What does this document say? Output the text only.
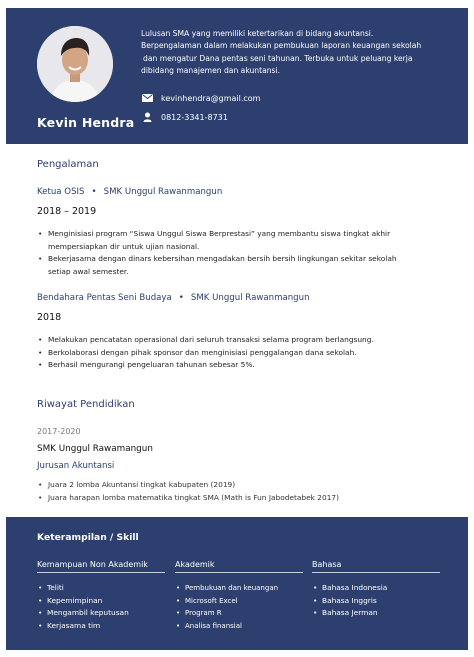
Kevin Hendra
Lulusan SMA yang memiliki ketertarikan di bidang akuntansi.
Berpengalaman dalam melakukan pembukuan laporan keuangan sekolah
dan mengatur Dana pentas seni tahunan. Terbuka untuk peluang kerja
dibidang manajemen dan akuntansi.
kevinhendra@gmail.com
0812-3341-8731
Pengalaman
Ketua OSIS • SMK Unggul Rawanmangun
2018 – 2019
• Menginisiasi program “Siswa Unggul Siswa Berprestasi” yang membantu siswa tingkat akhir
mempersiapkan dir untuk ujian nasional.
• Bekerjasama dengan dinars kebersihan mengadakan bersih bersih lingkungan sekitar sekolah
setiap awal semester.
Bendahara Pentas Seni Budaya • SMK Unggul Rawanmangun
2018
• Melakukan pencatatan operasional dari seluruh transaksi selama program berlangsung.
• Berkolaborasi dengan pihak sponsor dan menginisiasi penggalangan dana sekolah.
• Berhasil mengurangi pengeluaran tahunan sebesar 5%.
Riwayat Pendidikan
2017-2020
SMK Unggul Rawamangun
Jurusan Akuntansi
• Juara 2 lomba Akuntansi tingkat kabupaten (2019)
• Juara harapan lomba matematika tingkat SMA (Math is Fun Jabodetabek 2017)
Keterampilan / Skill
Kemampuan Non Akademik
• Teliti
• Kepemimpinan
• Mengambil keputusan
• Kerjasama tim
Akademik
• Pembukuan dan keuangan
• Microsoft Excel
• Program R
• Analisa finansial
Bahasa
• Bahasa Indonesia
• Bahasa Inggris
• Bahasa Jerman
